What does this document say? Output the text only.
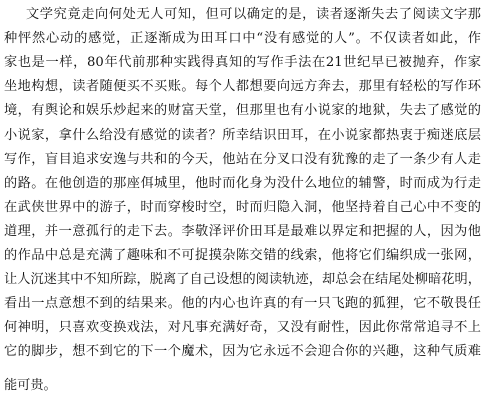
文学究竟走向何处无人可知，但可以确定的是，读者逐渐失去了阅读文字那
种怦然心动的感觉，正逐渐成为田耳口中“没有感觉的人”。不仅读者如此，作
家也是一样，80年代前那种实践得真知的写作手法在21世纪早已被抛弃，作家
坐地构想，读者随便买不买账。每个人都想要向远方奔去，那里有轻松的写作环
境，有舆论和娱乐炒起来的财富天堂，但那里也有小说家的地狱，失去了感觉的
小说家，拿什么给没有感觉的读者？所幸结识田耳，在小说家都热衷于痴迷底层
写作，盲目追求安逸与共和的今天，他站在分叉口没有犹豫的走了一条少有人走
的路。在他创造的那座佴城里，他时而化身为没什么地位的辅警，时而成为行走
在武侠世界中的游子，时而穿梭时空，时而归隐入洞，他坚持着自己心中不变的
道理，并一意孤行的走下去。李敬泽评价田耳是最难以界定和把握的人，因为他
的作品中总是充满了趣味和不可捉摸杂陈交错的线索，他将它们编织成一张网，
让人沉迷其中不知所踪，脱离了自己设想的阅读轨迹，却总会在结尾处柳暗花明，
看出一点意想不到的结果来。他的内心也许真的有一只飞跑的狐狸，它不敬畏任
何神明，只喜欢变换戏法，对凡事充满好奇，又没有耐性，因此你常常追寻不上
它的脚步，想不到它的下一个魔术，因为它永远不会迎合你的兴趣，这种气质难
能可贵。
